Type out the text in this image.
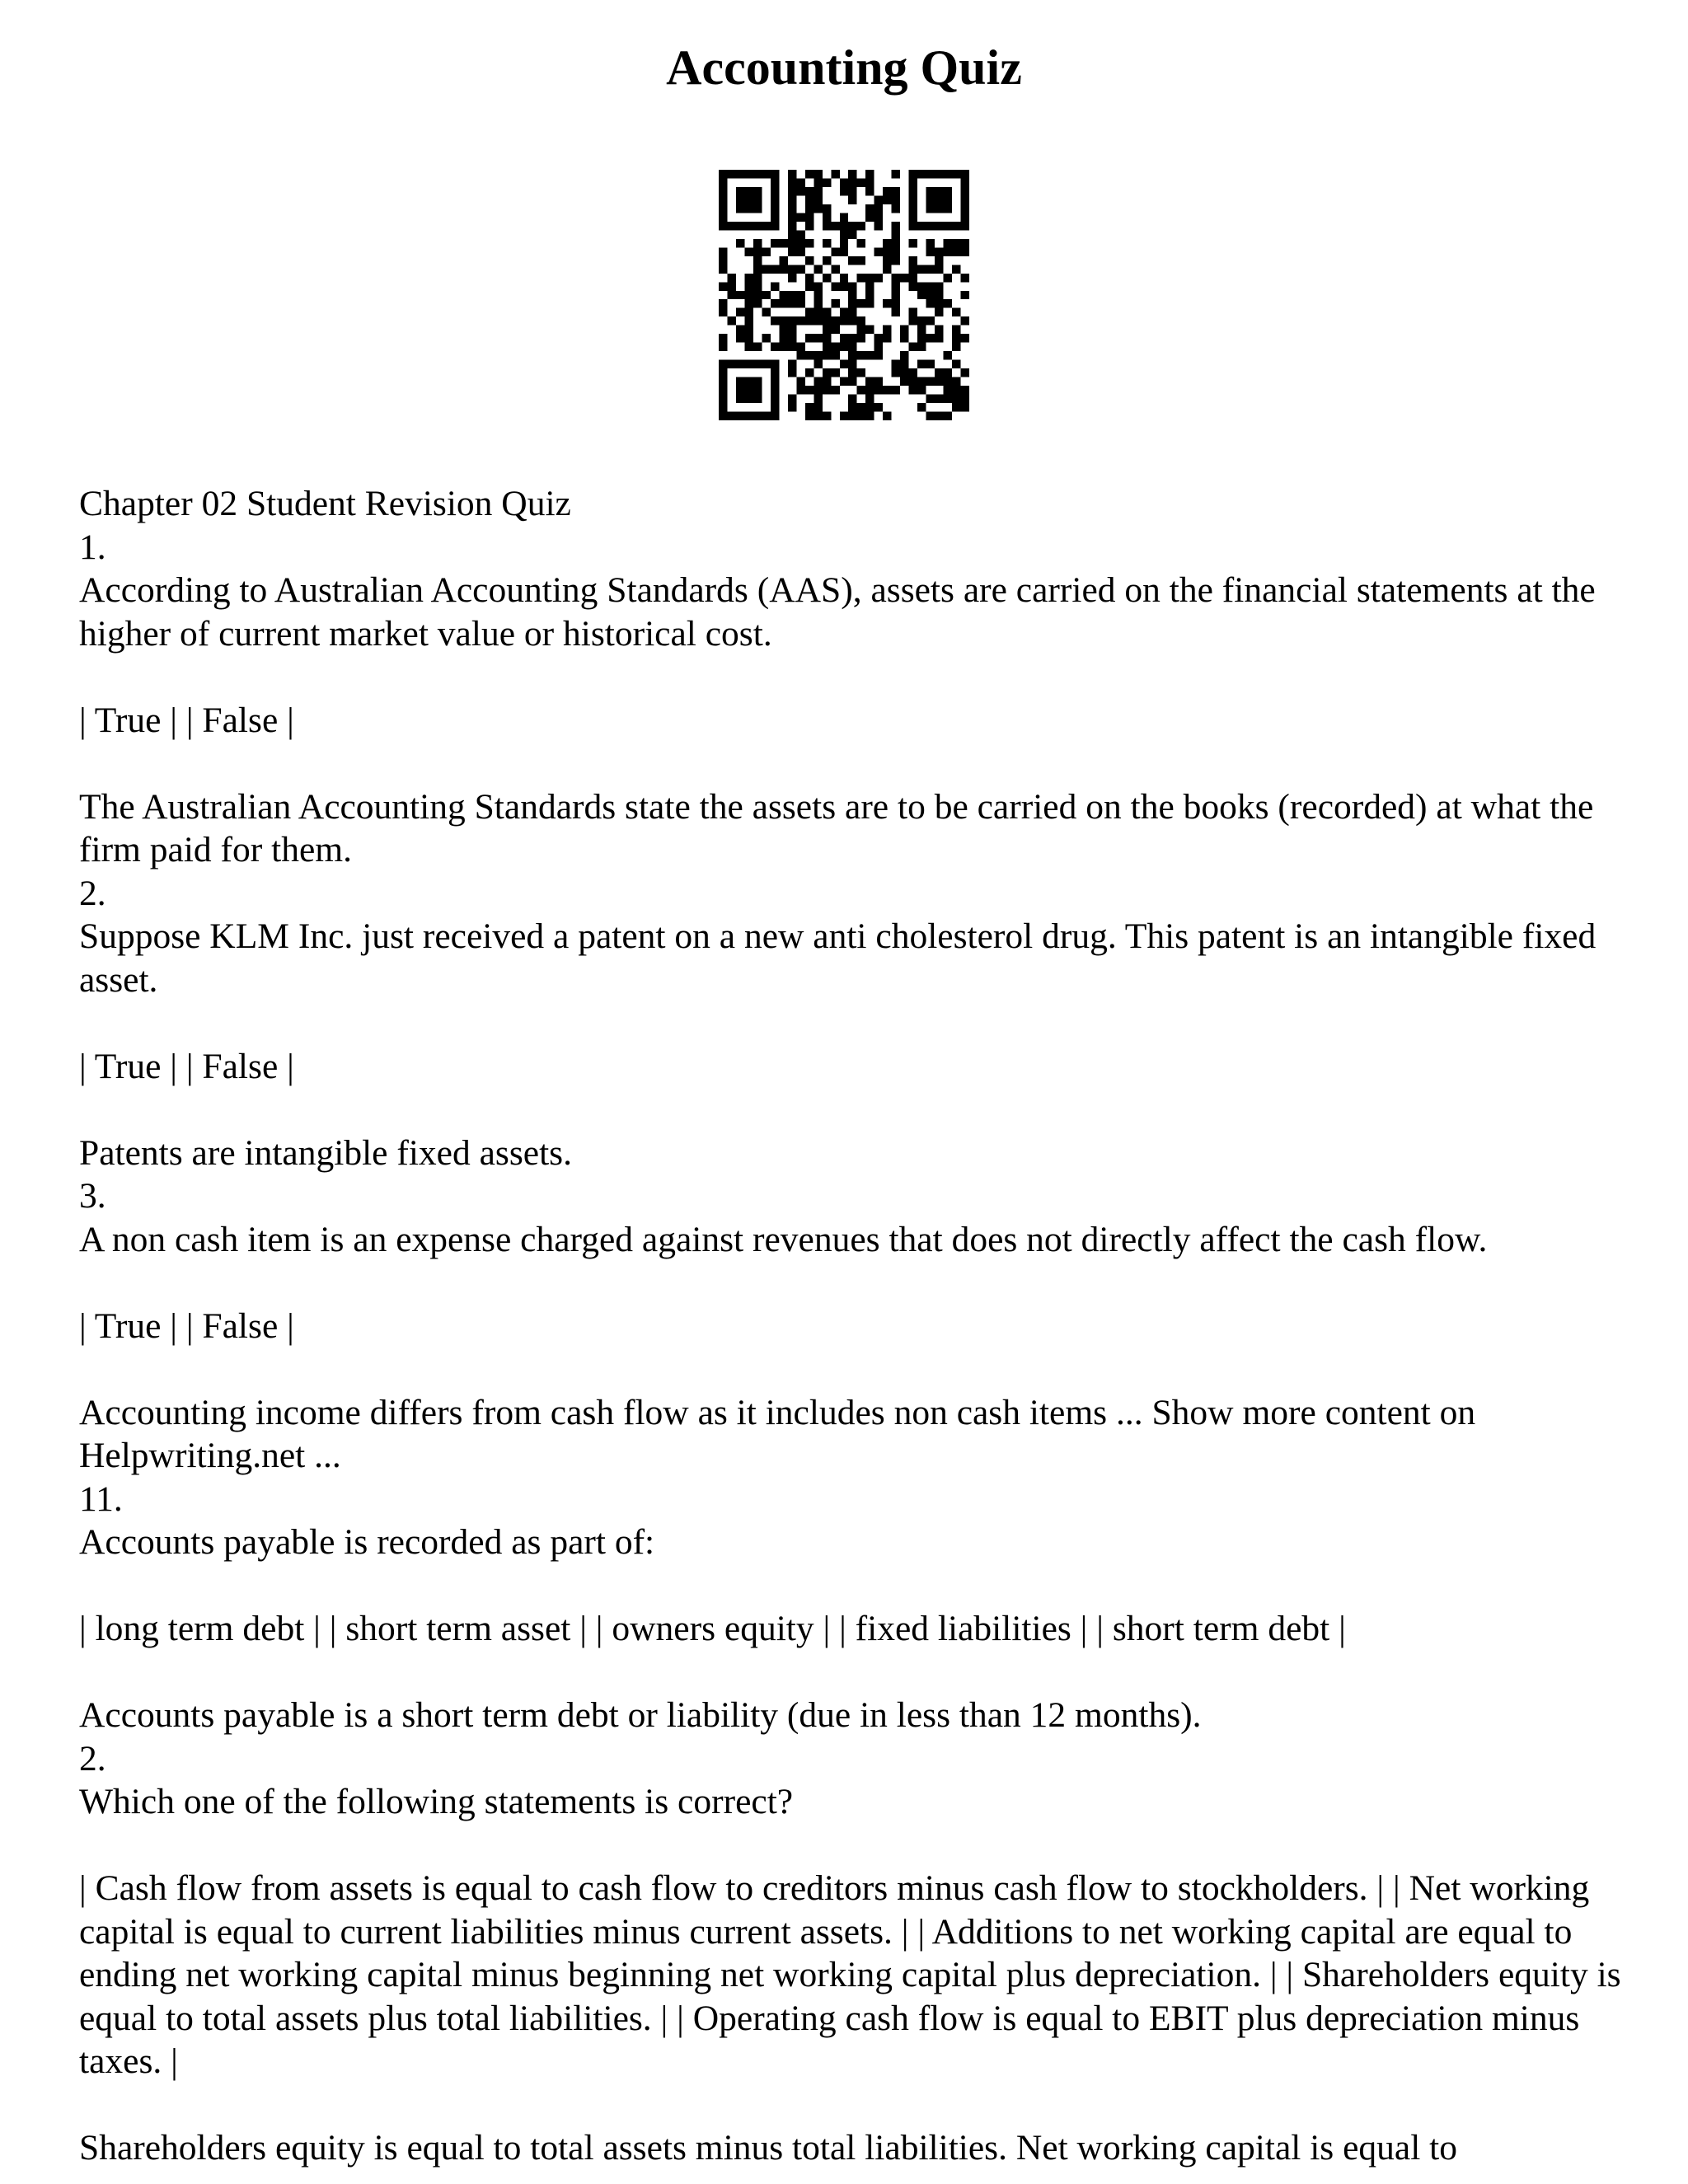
Accounting Quiz
Chapter 02 Student Revision Quiz
1.
According to Australian Accounting Standards (AAS), assets are carried on the financial statements at the higher of current market value or historical cost.
| True | | False |
The Australian Accounting Standards state the assets are to be carried on the books (recorded) at what the firm paid for them.
2.
Suppose KLM Inc. just received a patent on a new anti cholesterol drug. This patent is an intangible fixed asset.
| True | | False |
Patents are intangible fixed assets.
3.
A non cash item is an expense charged against revenues that does not directly affect the cash flow.
| True | | False |
Accounting income differs from cash flow as it includes non cash items ... Show more content on Helpwriting.net ...
11.
Accounts payable is recorded as part of:
| long term debt | | short term asset | | owners equity | | fixed liabilities | | short term debt |
Accounts payable is a short term debt or liability (due in less than 12 months).
2.
Which one of the following statements is correct?
| Cash flow from assets is equal to cash flow to creditors minus cash flow to stockholders. | | Net working capital is equal to current liabilities minus current assets. | | Additions to net working capital are equal to ending net working capital minus beginning net working capital plus depreciation. | | Shareholders equity is equal to total assets plus total liabilities. | | Operating cash flow is equal to EBIT plus depreciation minus taxes. |
Shareholders equity is equal to total assets minus total liabilities. Net working capital is equal to
